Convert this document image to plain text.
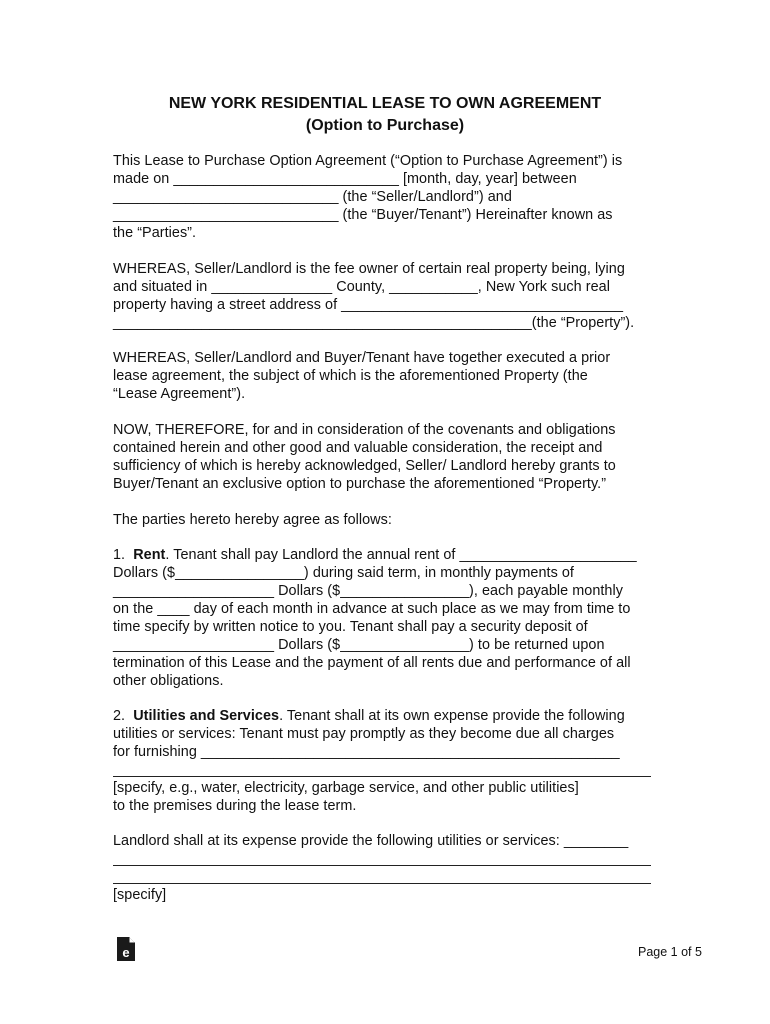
NEW YORK RESIDENTIAL LEASE TO OWN AGREEMENT
(Option to Purchase)
This Lease to Purchase Option Agreement (“Option to Purchase Agreement”) is
made on ____________________________ [month, day, year] between
____________________________ (the “Seller/Landlord”) and
____________________________ (the “Buyer/Tenant”) Hereinafter known as
the “Parties”.
WHEREAS, Seller/Landlord is the fee owner of certain real property being, lying
and situated in _______________ County, ___________, New York such real
property having a street address of ___________________________________
____________________________________________________(the “Property”).
WHEREAS, Seller/Landlord and Buyer/Tenant have together executed a prior
lease agreement, the subject of which is the aforementioned Property (the
“Lease Agreement”).
NOW, THEREFORE, for and in consideration of the covenants and obligations
contained herein and other good and valuable consideration, the receipt and
sufficiency of which is hereby acknowledged, Seller/ Landlord hereby grants to
Buyer/Tenant an exclusive option to purchase the aforementioned “Property.”
The parties hereto hereby agree as follows:
1.  Rent. Tenant shall pay Landlord the annual rent of ______________________
Dollars ($________________) during said term, in monthly payments of
____________________ Dollars ($________________), each payable monthly
on the ____ day of each month in advance at such place as we may from time to
time specify by written notice to you. Tenant shall pay a security deposit of
____________________ Dollars ($________________) to be returned upon
termination of this Lease and the payment of all rents due and performance of all
other obligations.
2.  Utilities and Services. Tenant shall at its own expense provide the following
utilities or services: Tenant must pay promptly as they become due all charges
for furnishing ____________________________________________________
[specify, e.g., water, electricity, garbage service, and other public utilities]
to the premises during the lease term.
Landlord shall at its expense provide the following utilities or services: ________
[specify]
e	Page 1 of 5
